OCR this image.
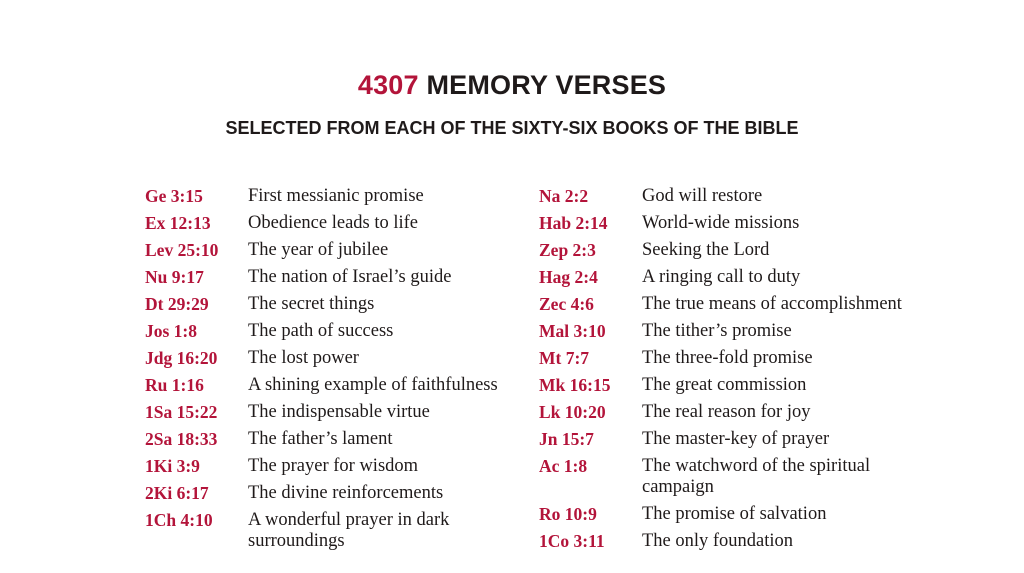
4307 MEMORY VERSES
SELECTED FROM EACH OF THE SIXTY-SIX BOOKS OF THE BIBLE
Ge 3:15	First messianic promise
Ex 12:13	Obedience leads to life
Lev 25:10	The year of jubilee
Nu 9:17	The nation of Israel’s guide
Dt 29:29	The secret things
Jos 1:8	The path of success
Jdg 16:20	The lost power
Ru 1:16	A shining example of faithfulness
1Sa 15:22	The indispensable virtue
2Sa 18:33	The father’s lament
1Ki 3:9	The prayer for wisdom
2Ki 6:17	The divine reinforcements
1Ch 4:10	A wonderful prayer in dark surroundings
Na 2:2	God will restore
Hab 2:14	World-wide missions
Zep 2:3	Seeking the Lord
Hag 2:4	A ringing call to duty
Zec 4:6	The true means of accomplishment
Mal 3:10	The tither’s promise
Mt 7:7	The three-fold promise
Mk 16:15	The great commission
Lk 10:20	The real reason for joy
Jn 15:7	The master-key of prayer
Ac 1:8	The watchword of the spiritual campaign
Ro 10:9	The promise of salvation
1Co 3:11	The only foundation
